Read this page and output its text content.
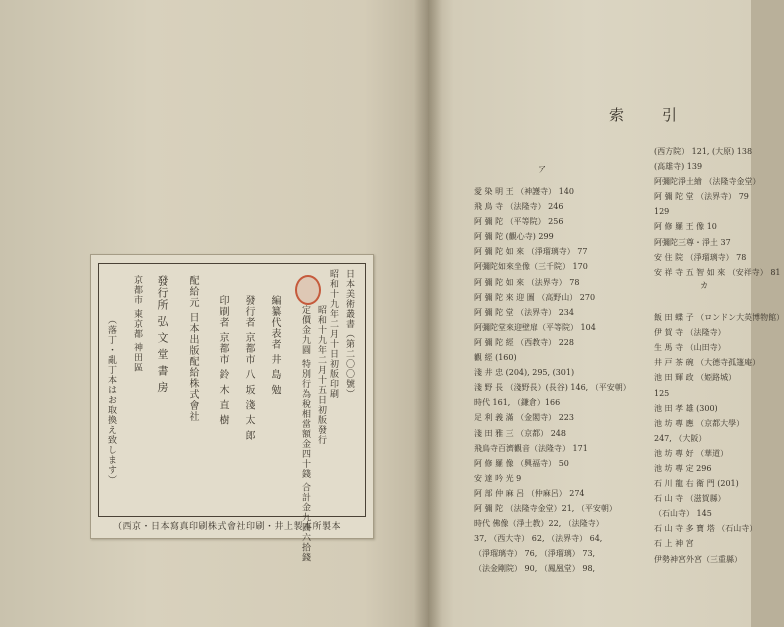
日本美術叢書（第二〇〇號）
昭和十九年二月十日初版印刷
昭和十九年二月十五日初版發行
定價金九圓 特別行為稅相當額金四十錢 合計金九圓六拾錢
編纂代表者 井 島 勉
發行者 京都市 八 坂 淺 太 郎
印刷者 京都市 鈴 木 直 樹
配給元 日本出版配給株式會社
發行所 弘 文 堂 書 房
京都市 東京都 神田區
（落丁・亂丁本はお取換え致します）
（西京・日本寫真印刷株式會社印刷・井上製本所製本
索 引
ア
カ
愛 染 明 王 （神護寺） 140
飛 鳥 寺 （法隆寺） 246
阿 彌 陀 （平等院） 256
阿 彌 陀 (觀心寺) 299
阿 彌 陀 如 來 （淨瑠璃寺） 77
阿彌陀如來坐像（三千院） 170
阿 彌 陀 如 來 （法界寺） 78
阿 彌 陀 來 迎 圖 （高野山） 270
阿 彌 陀 堂 （法界寺） 234
阿彌陀堂來迎壁扉（平等院） 104
阿 彌 陀 經 （西教寺） 228
觀 經 (160)
淺 井 忠 (204), 295, (301)
淺 野 長 （淺野長）(長谷) 146, （平安朝）
時代 161, （鎌倉）166
足 利 義 滿 （金閣寺） 223
淺 田 雅 三 （京都） 248
飛鳥寺百濟觀音（法隆寺） 171
阿 修 羅 像 （興福寺） 50
安 達 吟 光 9
阿 部 仲 麻 呂 （仲麻呂） 274
阿 彌 陀 （法隆寺金堂）21, （平安朝）
時代 佛像（淨土教）22, （法隆寺）
37, （西大寺） 62, （法界寺） 64,
（淨瑠璃寺） 76, （淨瑠璃） 73,
（法金剛院） 90, （鳳凰堂） 98,
(西方院） 121, (大原) 138
(高雄寺) 139
阿彌陀淨土繪 （法隆寺金堂）
阿 彌 陀 堂 （法界寺） 79
129
阿 修 羅 王 像 10
阿彌陀三尊・淨土 37
安 住 院 （淨瑠璃寺） 78
安 祥 寺 五 智 如 來 （安祥寺） 81
飯 田 蝶 子 （ロンドン大英博物館）
伊 賀 寺 （法隆寺）
生 馬 寺 （山田寺）
井 戸 茶 碗 （大德寺孤篷庵）
池 田 輝 政 （姫路城）
125
池 田 孝 雄 (300)
池 坊 專 應 （京都大學）
247, （大阪）
池 坊 專 好 （華道）
池 坊 專 定 296
石 川 龍 右 衛 門 (201)
石 山 寺 （滋賀縣）
（石山寺） 145
石 山 寺 多 寶 塔 （石山寺）
石 上 神 宮
伊勢神宮外宮（三重縣）
